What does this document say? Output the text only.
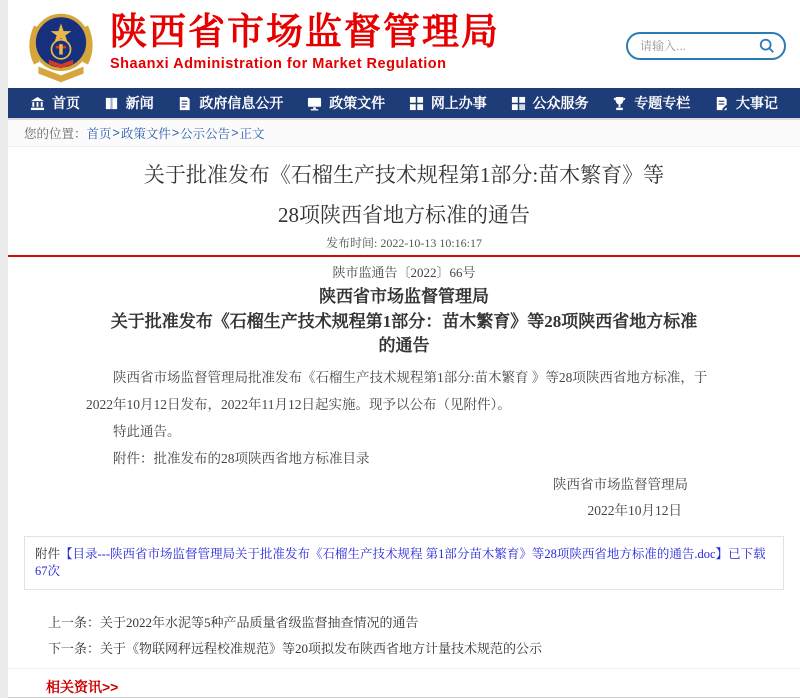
陕西省市场监督管理局
Shaanxi Administration for Market Regulation
请输入...
首页	新闻	政府信息公开	政策文件	网上办事	公众服务	专题专栏	大事记
您的位置： 首页 > 政策文件 > 公示公告 > 正文
关于批准发布《石榴生产技术规程第1部分:苗木繁育》等
28项陕西省地方标准的通告
发布时间: 2022-10-13 10:16:17
陕市监通告〔2022〕66号
陕西省市场监督管理局
关于批准发布《石榴生产技术规程第1部分：苗木繁育》等28项陕西省地方标准的通告

陕西省市场监督管理局批准发布《石榴生产技术规程第1部分:苗木繁育 》等28项陕西省地方标准，于2022年10月12日发布，2022年11月12日起实施。现予以公布（见附件）。

特此通告。

附件：批准发布的28项陕西省地方标准目录

陕西省市场监督管理局
2022年10月12日
附件【目录---陕西省市场监督管理局关于批准发布《石榴生产技术规程 第1部分苗木繁育》等28项陕西省地方标准的通告.doc】已下载67次
上一条：关于2022年水泥等5种产品质量省级监督抽查情况的通告
下一条：关于《物联网秤远程校准规范》等20项拟发布陕西省地方计量技术规范的公示
相关资讯>>
